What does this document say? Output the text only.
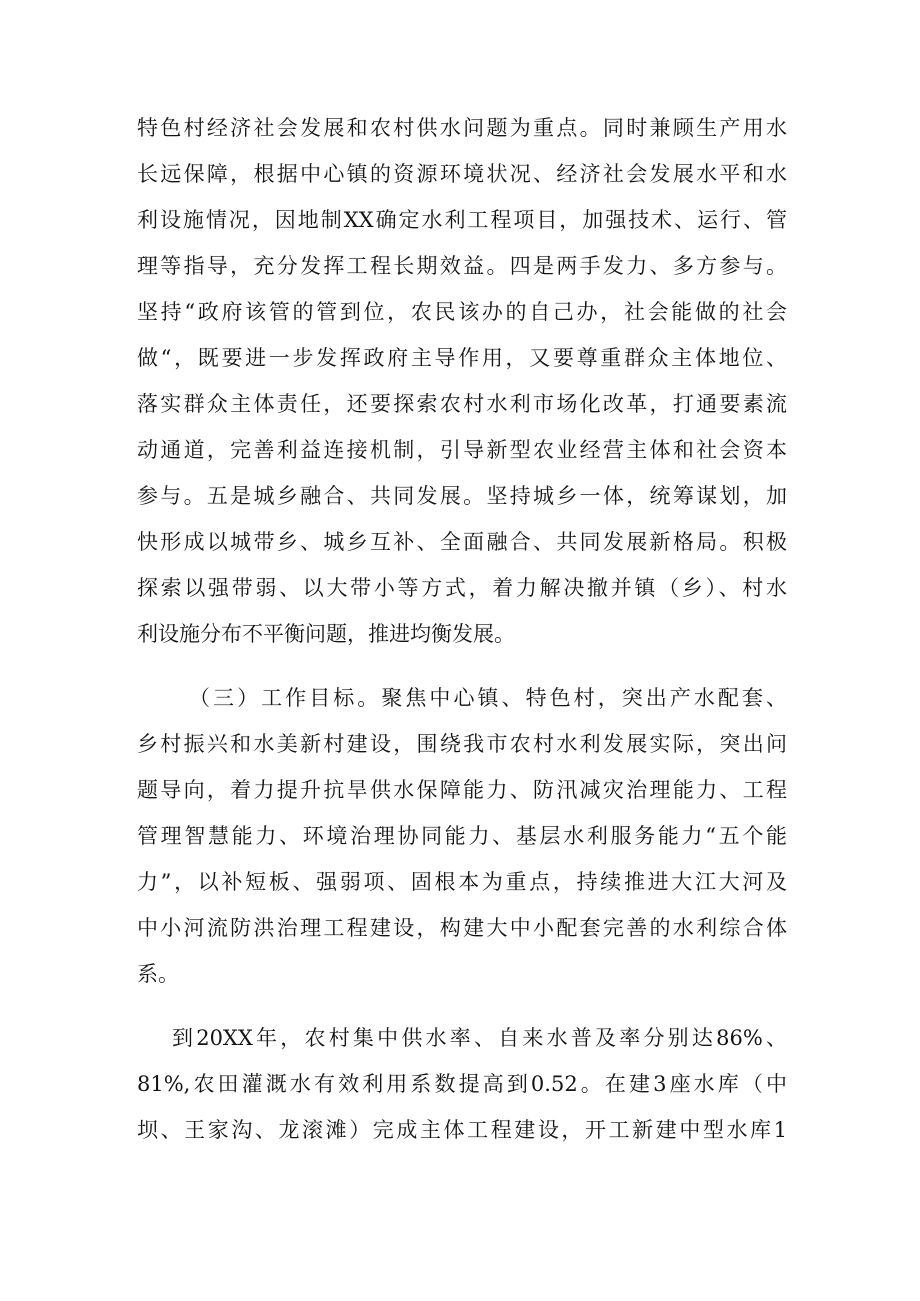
特色村经济社会发展和农村供水问题为重点。同时兼顾生产用水
长远保障，根据中心镇的资源环境状况、经济社会发展水平和水
利设施情况，因地制XX确定水利工程项目，加强技术、运行、管
理等指导，充分发挥工程长期效益。四是两手发力、多方参与。
坚持“政府该管的管到位，农民该办的自己办，社会能做的社会
做“，既要进一步发挥政府主导作用，又要尊重群众主体地位、
落实群众主体责任，还要探索农村水利市场化改革，打通要素流
动通道，完善利益连接机制，引导新型农业经营主体和社会资本
参与。五是城乡融合、共同发展。坚持城乡一体，统筹谋划，加
快形成以城带乡、城乡互补、全面融合、共同发展新格局。积极
探索以强带弱、以大带小等方式，着力解决撤并镇（乡）、村水
利设施分布不平衡问题，推进均衡发展。
（三）工作目标。聚焦中心镇、特色村，突出产水配套、
乡村振兴和水美新村建设，围绕我市农村水利发展实际，突出问
题导向，着力提升抗旱供水保障能力、防汛减灾治理能力、工程
管理智慧能力、环境治理协同能力、基层水利服务能力“五个能
力”，以补短板、强弱项、固根本为重点，持续推进大江大河及
中小河流防洪治理工程建设，构建大中小配套完善的水利综合体
系。
到20XX年，农村集中供水率、自来水普及率分别达86%、
81%,农田灌溉水有效利用系数提高到0.52。在建3座水库（中
坝、王家沟、龙滚滩）完成主体工程建设，开工新建中型水库1
